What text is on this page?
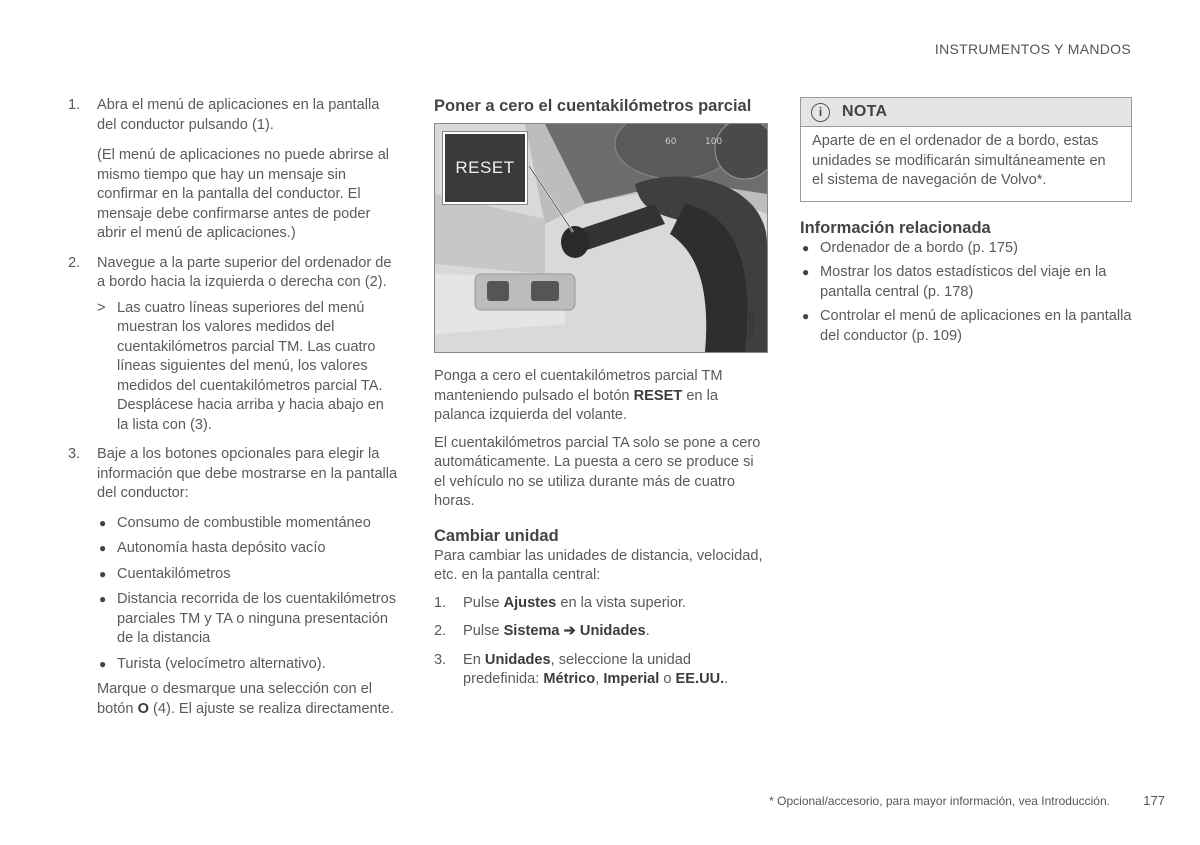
INSTRUMENTOS Y MANDOS
1. Abra el menú de aplicaciones en la pantalla del conductor pulsando (1).

(El menú de aplicaciones no puede abrirse al mismo tiempo que hay un mensaje sin confirmar en la pantalla del conductor. El mensaje debe confirmarse antes de poder abrir el menú de aplicaciones.)

2. Navegue a la parte superior del ordenador de a bordo hacia la izquierda o derecha con (2).

> Las cuatro líneas superiores del menú muestran los valores medidos del cuentakilómetros parcial TM. Las cuatro líneas siguientes del menú, los valores medidos del cuentakilómetros parcial TA. Desplácese hacia arriba y hacia abajo en la lista con (3).

3. Baje a los botones opcionales para elegir la información que debe mostrarse en la pantalla del conductor:

● Consumo de combustible momentáneo
● Autonomía hasta depósito vacío
● Cuentakilómetros
● Distancia recorrida de los cuentakilómetros parciales TM y TA o ninguna presentación de la distancia
● Turista (velocímetro alternativo).

Marque o desmarque una selección con el botón O (4). El ajuste se realiza directamente.

Poner a cero el cuentakilómetros parcial
100
60
RESET
G051855

Ponga a cero el cuentakilómetros parcial TM manteniendo pulsado el botón RESET en la palanca izquierda del volante.

El cuentakilómetros parcial TA solo se pone a cero automáticamente. La puesta a cero se produce si el vehículo no se utiliza durante más de cuatro horas.

Cambiar unidad

Para cambiar las unidades de distancia, velocidad, etc. en la pantalla central:

1. Pulse Ajustes en la vista superior.

2. Pulse Sistema ➔ Unidades.

3. En Unidades, seleccione la unidad predefinida: Métrico, Imperial o EE.UU..

i	NOTA
Aparte de en el ordenador de a bordo, estas unidades se modificarán simultáneamente en el sistema de navegación de Volvo*.
Información relacionada
● Ordenador de a bordo (p. 175)
● Mostrar los datos estadísticos del viaje en la pantalla central (p. 178)
● Controlar el menú de aplicaciones en la pantalla del conductor (p. 109)
* Opcional/accesorio, para mayor información, vea Introducción.	177
